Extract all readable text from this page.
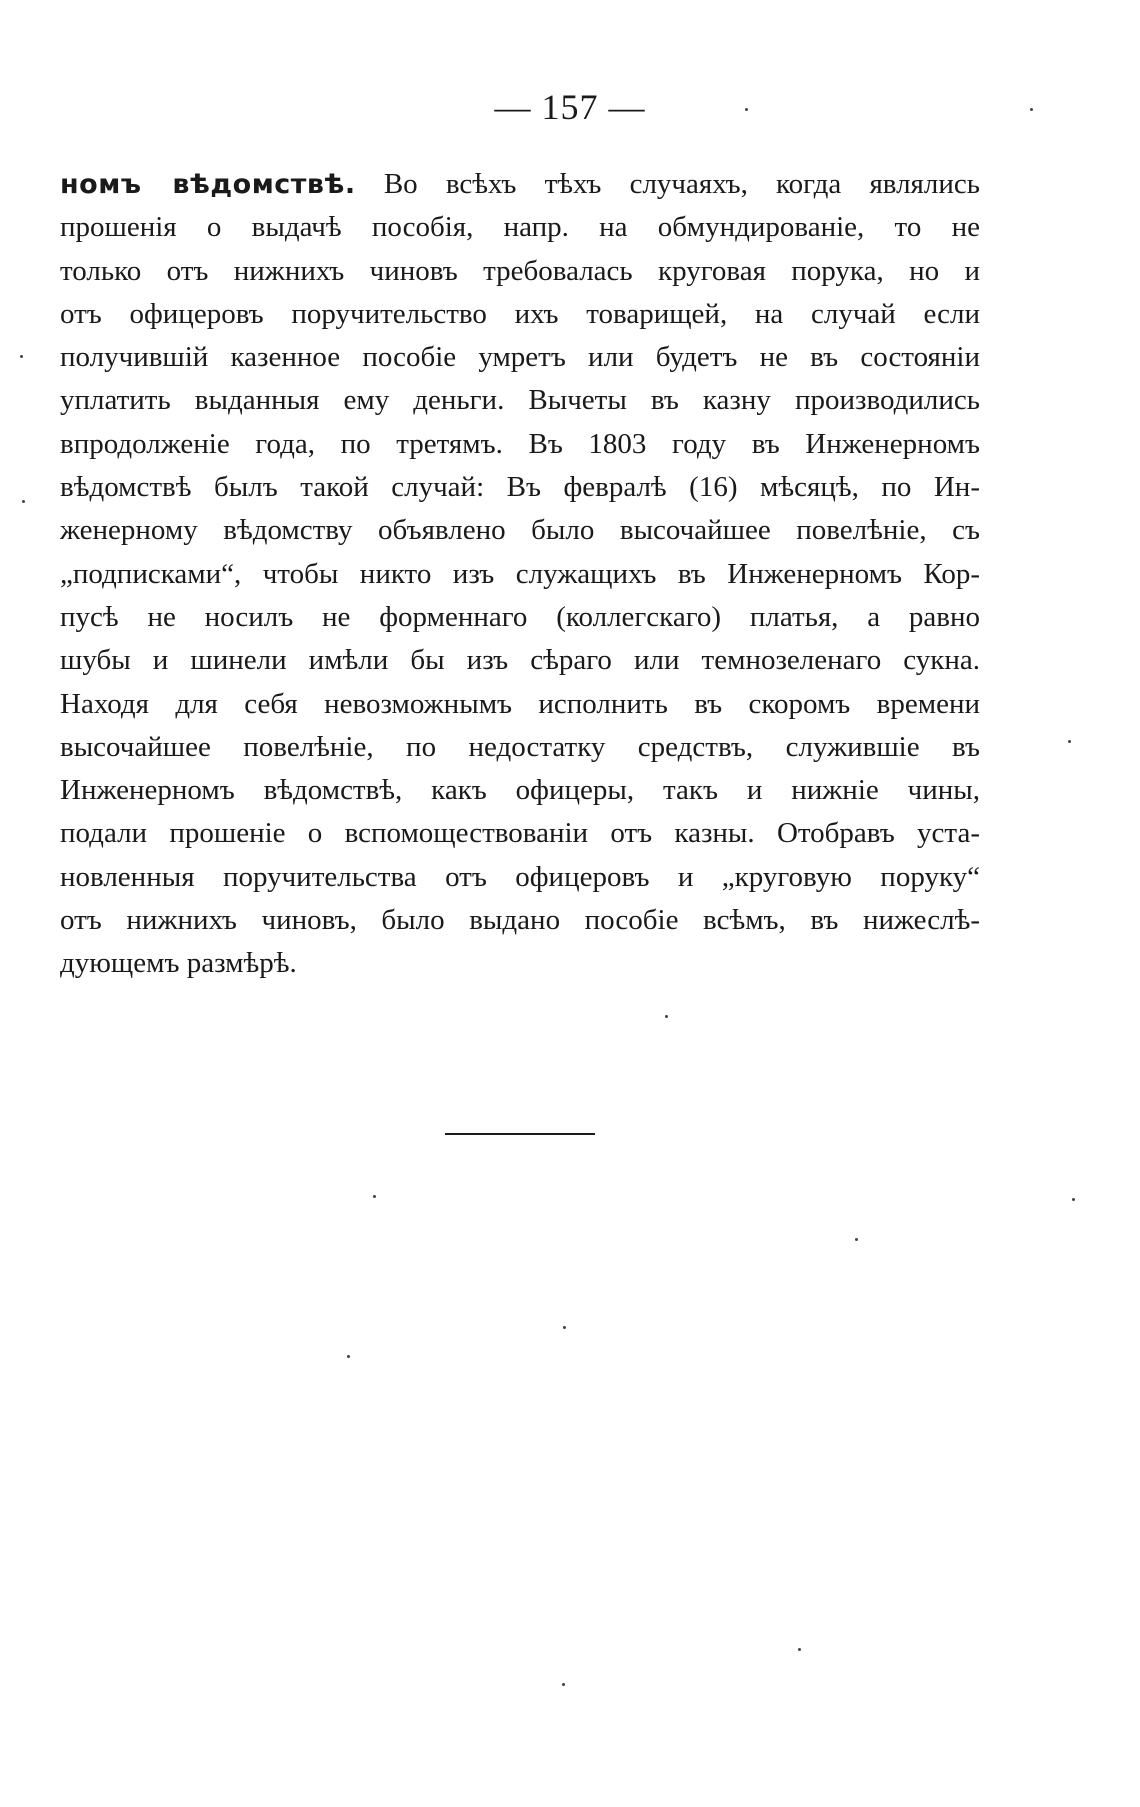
— 157 —
номъ вѣдомствѣ. Во всѣхъ тѣхъ случаяхъ, когда являлись
прошенія о выдачѣ пособія, напр. на обмундированіе, то не
только отъ нижнихъ чиновъ требовалась круговая порука, но и
отъ офицеровъ поручительство ихъ товарищей, на случай если
получившій казенное пособіе умретъ или будетъ не въ состояніи
уплатить выданныя ему деньги. Вычеты въ казну производились
впродолженіе года, по третямъ. Въ 1803 году въ Инженерномъ
вѣдомствѣ былъ такой случай: Въ февралѣ (16) мѣсяцѣ, по Ин-
женерному вѣдомству объявлено было высочайшее повелѣніе, съ
„подписками“, чтобы никто изъ служащихъ въ Инженерномъ Кор-
пусѣ не носилъ не форменнаго (коллегскаго) платья, а равно
шубы и шинели имѣли бы изъ сѣраго или темнозеленаго сукна.
Находя для себя невозможнымъ исполнить въ скоромъ времени
высочайшее повелѣніе, по недостатку средствъ, служившіе въ
Инженерномъ вѣдомствѣ, какъ офицеры, такъ и нижніе чины,
подали прошеніе о вспомоществованіи отъ казны. Отобравъ уста-
новленныя поручительства отъ офицеровъ и „круговую поруку“
отъ нижнихъ чиновъ, было выдано пособіе всѣмъ, въ нижеслѣ-
дующемъ размѣрѣ.
